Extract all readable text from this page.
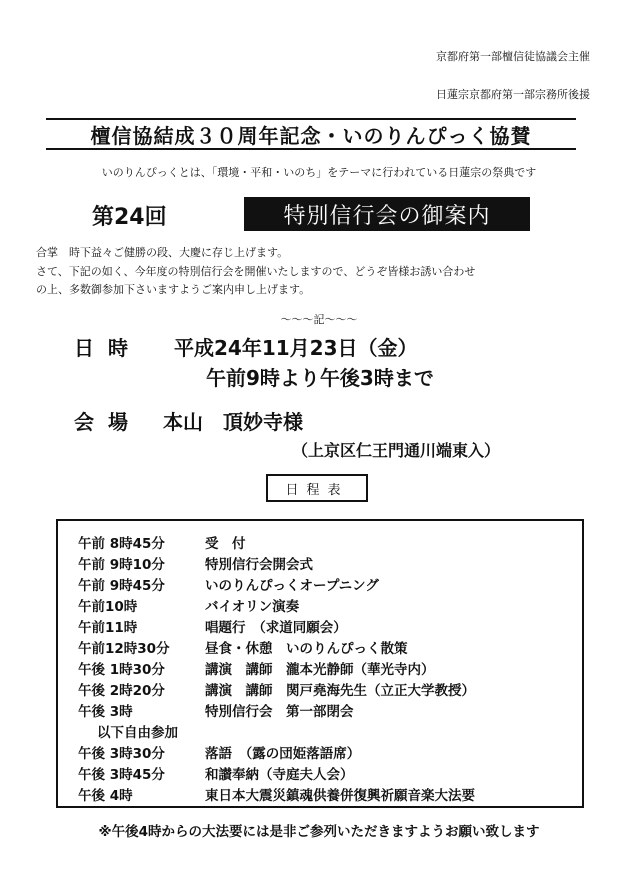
京都府第一部檀信徒協議会主催
日蓮宗京都府第一部宗務所後援
檀信協結成３０周年記念・いのりんぴっく協賛
いのりんぴっくとは、「環境・平和・いのち」をテーマに行われている日蓮宗の祭典です
第24回	特別信行会の御案内
合掌　時下益々ご健勝の段、大慶に存じ上げます。
さて、下記の如く、今年度の特別信行会を開催いたしますので、どうぞ皆様お誘い合わせ
の上、多数御参加下さいますようご案内申し上げます。
〜〜〜記〜〜〜
日時 平成24年11月23日（金）
午前9時より午後3時まで
会場 本山　頂妙寺様
（上京区仁王門通川端東入）
日程表
午前 8時45分	受　付
午前 9時10分	特別信行会開会式
午前 9時45分	いのりんぴっくオープニング
午前10時	バイオリン演奏
午前11時	唱題行　（求道同願会）
午前12時30分	昼食・休憩　いのりんぴっく散策
午後 1時30分	講演　講師　瀧本光静師（華光寺内）
午後 2時20分	講演　講師　関戸堯海先生（立正大学教授）
午後 3時	特別信行会　第一部閉会
以下自由参加
午後 3時30分	落語　（露の団姫落語席）
午後 3時45分	和讃奉納（寺庭夫人会）
午後 4時	東日本大震災鎮魂供養併復興祈願音楽大法要
※午後4時からの大法要には是非ご参列いただきますようお願い致します
